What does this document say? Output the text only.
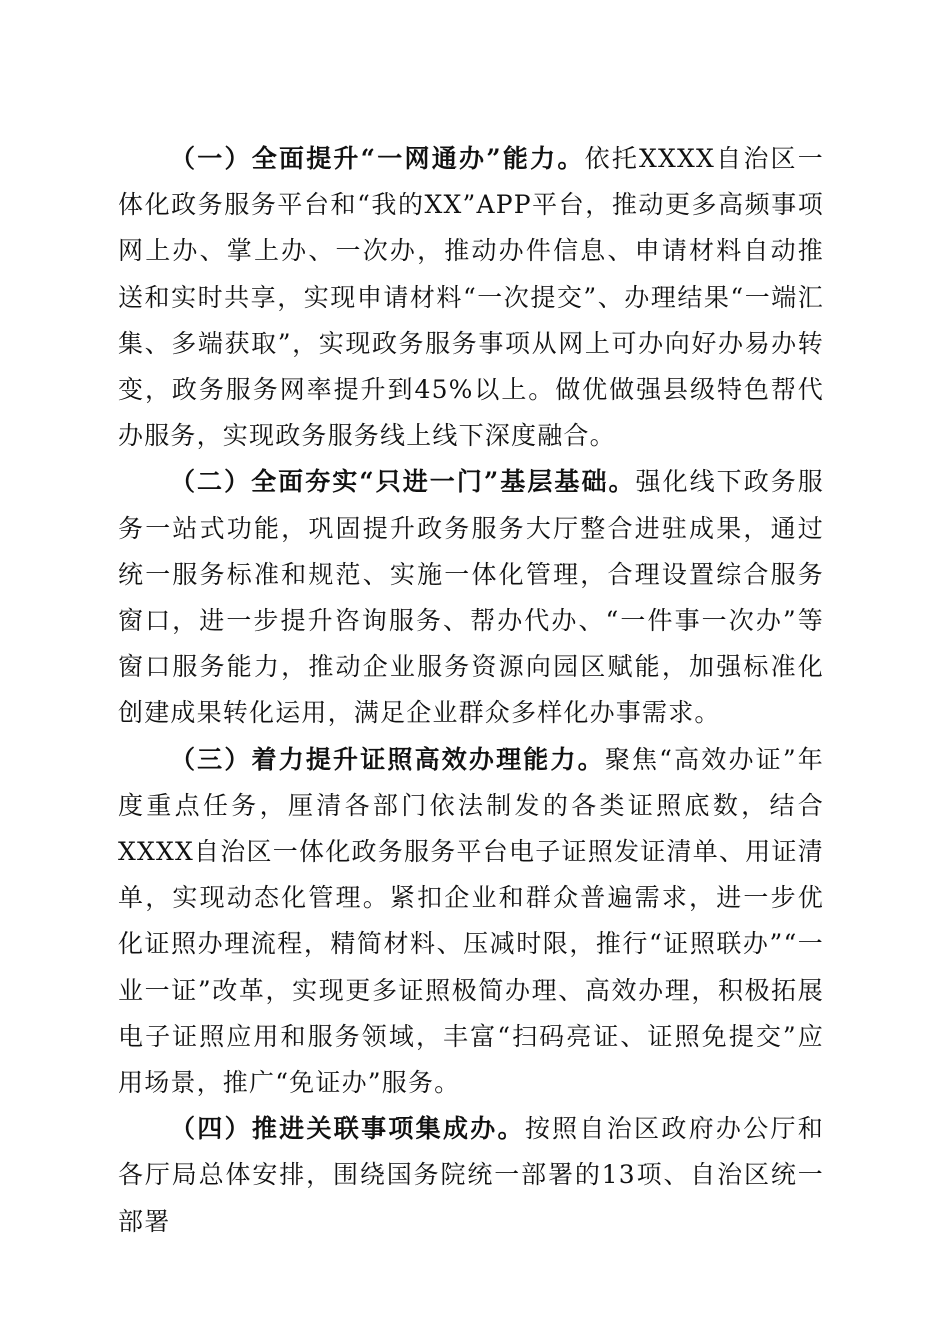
（一）全面提升“一网通办”能力。依托XXXX自治区一体化政务服务平台和“我的XX”APP平台，推动更多高频事项网上办、掌上办、一次办，推动办件信息、申请材料自动推送和实时共享，实现申请材料“一次提交”、办理结果“一端汇集、多端获取”，实现政务服务事项从网上可办向好办易办转变，政务服务网率提升到45%以上。做优做强县级特色帮代办服务，实现政务服务线上线下深度融合。

（二）全面夯实“只进一门”基层基础。强化线下政务服务一站式功能，巩固提升政务服务大厅整合进驻成果，通过统一服务标准和规范、实施一体化管理，合理设置综合服务窗口，进一步提升咨询服务、帮办代办、“一件事一次办”等窗口服务能力，推动企业服务资源向园区赋能，加强标准化创建成果转化运用，满足企业群众多样化办事需求。

（三）着力提升证照高效办理能力。聚焦“高效办证”年度重点任务，厘清各部门依法制发的各类证照底数，结合XXXX自治区一体化政务服务平台电子证照发证清单、用证清单，实现动态化管理。紧扣企业和群众普遍需求，进一步优化证照办理流程，精简材料、压减时限，推行“证照联办”“一业一证”改革，实现更多证照极简办理、高效办理，积极拓展电子证照应用和服务领域，丰富“扫码亮证、证照免提交”应用场景，推广“免证办”服务。

（四）推进关联事项集成办。按照自治区政府办公厅和各厅局总体安排，围绕国务院统一部署的13项、自治区统一部署
